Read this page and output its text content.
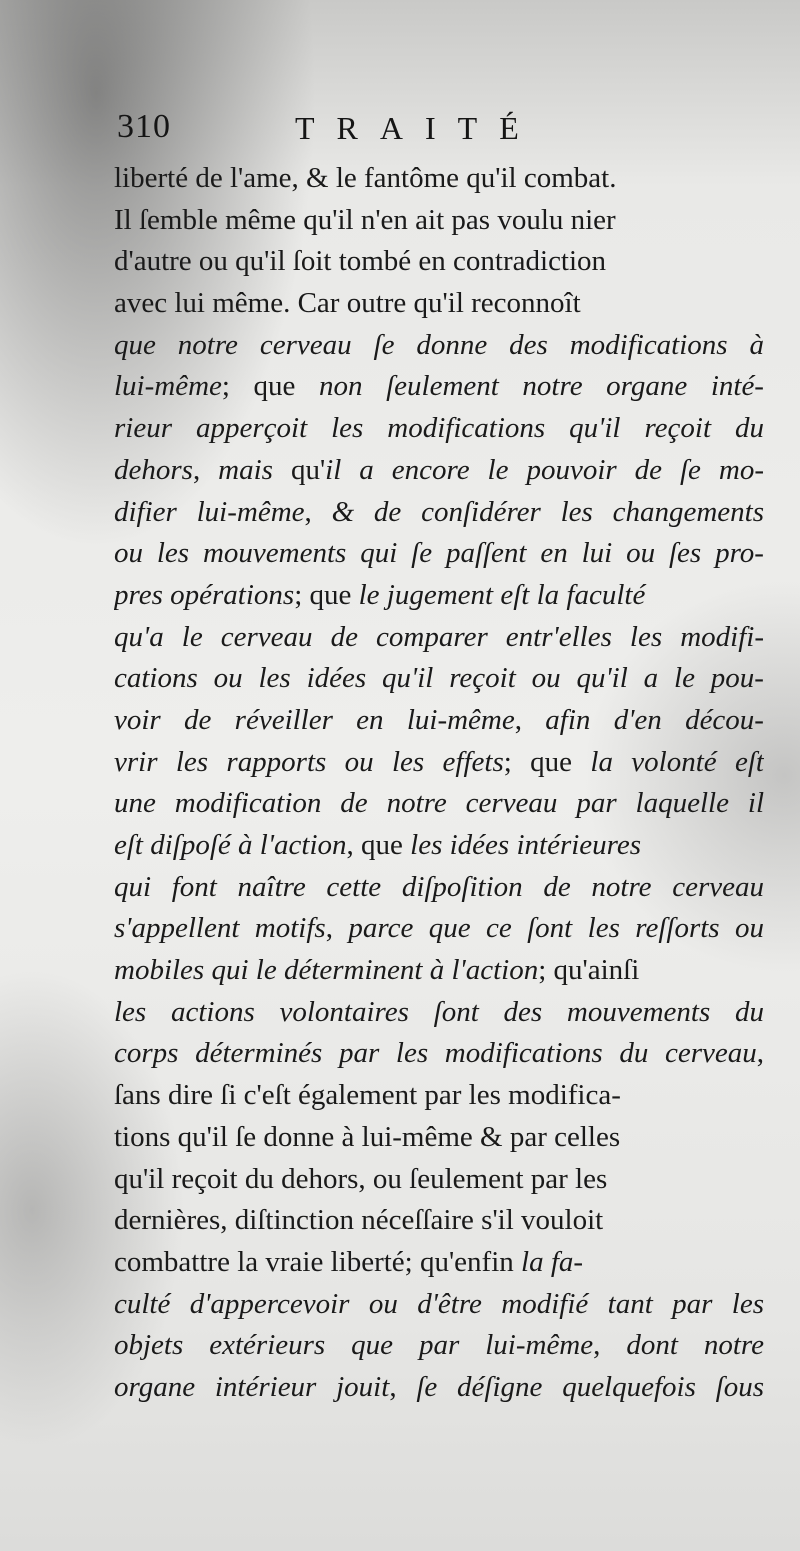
310	TRAITÉ
liberté de l'ame, & le fantôme qu'il combat.
Il ſemble même qu'il n'en ait pas voulu nier
d'autre ou qu'il ſoit tombé en contradiction
avec lui même. Car outre qu'il reconnoît
que notre cerveau ſe donne des modifications à
lui-même; que non ſeulement notre organe inté-
rieur apperçoit les modifications qu'il reçoit du
dehors, mais qu'il a encore le pouvoir de ſe mo-
difier lui-même, & de conſidérer les changements
ou les mouvements qui ſe paſſent en lui ou ſes pro-
pres opérations; que le jugement eſt la faculté
qu'a le cerveau de comparer entr'elles les modifi-
cations ou les idées qu'il reçoit ou qu'il a le pou-
voir de réveiller en lui-même, afin d'en décou-
vrir les rapports ou les effets; que la volonté eſt
une modification de notre cerveau par laquelle il
eſt diſpoſé à l'action, que les idées intérieures
qui font naître cette diſpoſition de notre cerveau
s'appellent motifs, parce que ce ſont les reſſorts ou
mobiles qui le déterminent à l'action; qu'ainſi
les actions volontaires ſont des mouvements du
corps déterminés par les modifications du cerveau,
ſans dire ſi c'eſt également par les modifica-
tions qu'il ſe donne à lui-même & par celles
qu'il reçoit du dehors, ou ſeulement par les
dernières, diſtinction néceſſaire s'il vouloit
combattre la vraie liberté; qu'enfin la fa-
culté d'appercevoir ou d'être modifié tant par les
objets extérieurs que par lui-même, dont notre
organe intérieur jouit, ſe déſigne quelquefois ſous
